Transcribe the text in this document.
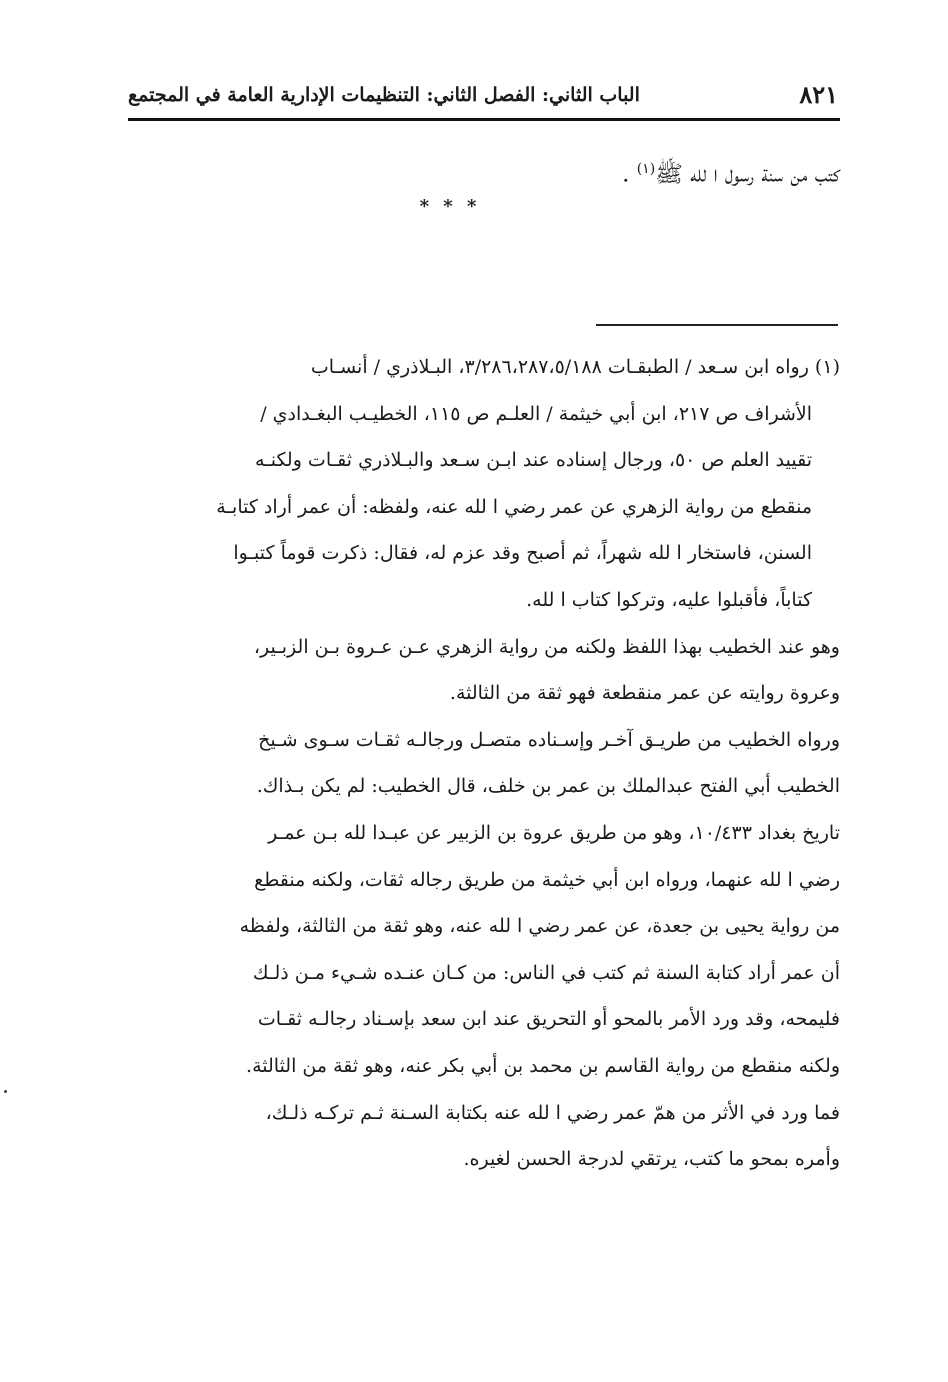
٨٢١
الباب الثاني: الفصل الثاني: التنظيمات الإدارية العامة في المجتمع
كتب من سنة رسول ا لله ﷺ$^{(١)}$ .
* * *
(١) رواه ابن سـعد / الطبقـات ٣/٢٨٦،٢٨٧،٥/١٨٨، البـلاذري / أنسـاب
الأشراف ص ٢١٧، ابن أبي خيثمة / العلـم ص ١١٥، الخطيـب البغـدادي /
تقييد العلم ص ٥٠، ورجال إسناده عند ابـن سـعد والبـلاذري ثقـات ولكنـه
منقطع من رواية الزهري عن عمر رضي ا لله عنه، ولفظه: أن عمر أراد كتابـة
السنن، فاستخار ا لله شهراً، ثم أصبح وقد عزم له، فقال: ذكرت قوماً كتبـوا
كتاباً، فأقبلوا عليه، وتركوا كتاب ا لله.
وهو عند الخطيب بهذا اللفظ ولكنه من رواية الزهري عـن عـروة بـن الزبـير،
وعروة روايته عن عمر منقطعة فهو ثقة من الثالثة.
ورواه الخطيب من طريـق آخـر وإسـناده متصـل ورجالـه ثقـات سـوى شـيخ
الخطيب أبي الفتح عبدالملك بن عمر بن خلف، قال الخطيب: لم يكن بـذاك.
تاريخ بغداد ١٠/٤٣٣، وهو من طريق عروة بن الزبير عن عبـدا لله بـن عمـر
رضي ا لله عنهما، ورواه ابن أبي خيثمة من طريق رجاله ثقات، ولكنه منقطع
من رواية يحيى بن جعدة، عن عمر رضي ا لله عنه، وهو ثقة من الثالثة، ولفظه
أن عمر أراد كتابة السنة ثم كتب في الناس: من كـان عنـده شـيء مـن ذلـك
فليمحه، وقد ورد الأمر بالمحو أو التحريق عند ابن سعد بإسـناد رجالـه ثقـات
ولكنه منقطع من رواية القاسم بن محمد بن أبي بكر عنه، وهو ثقة من الثالثة.
فما ورد في الأثر من همّ عمر رضي ا لله عنه بكتابة السـنة ثـم تركـه ذلـك،
وأمره بمحو ما كتب، يرتقي لدرجة الحسن لغيره.
